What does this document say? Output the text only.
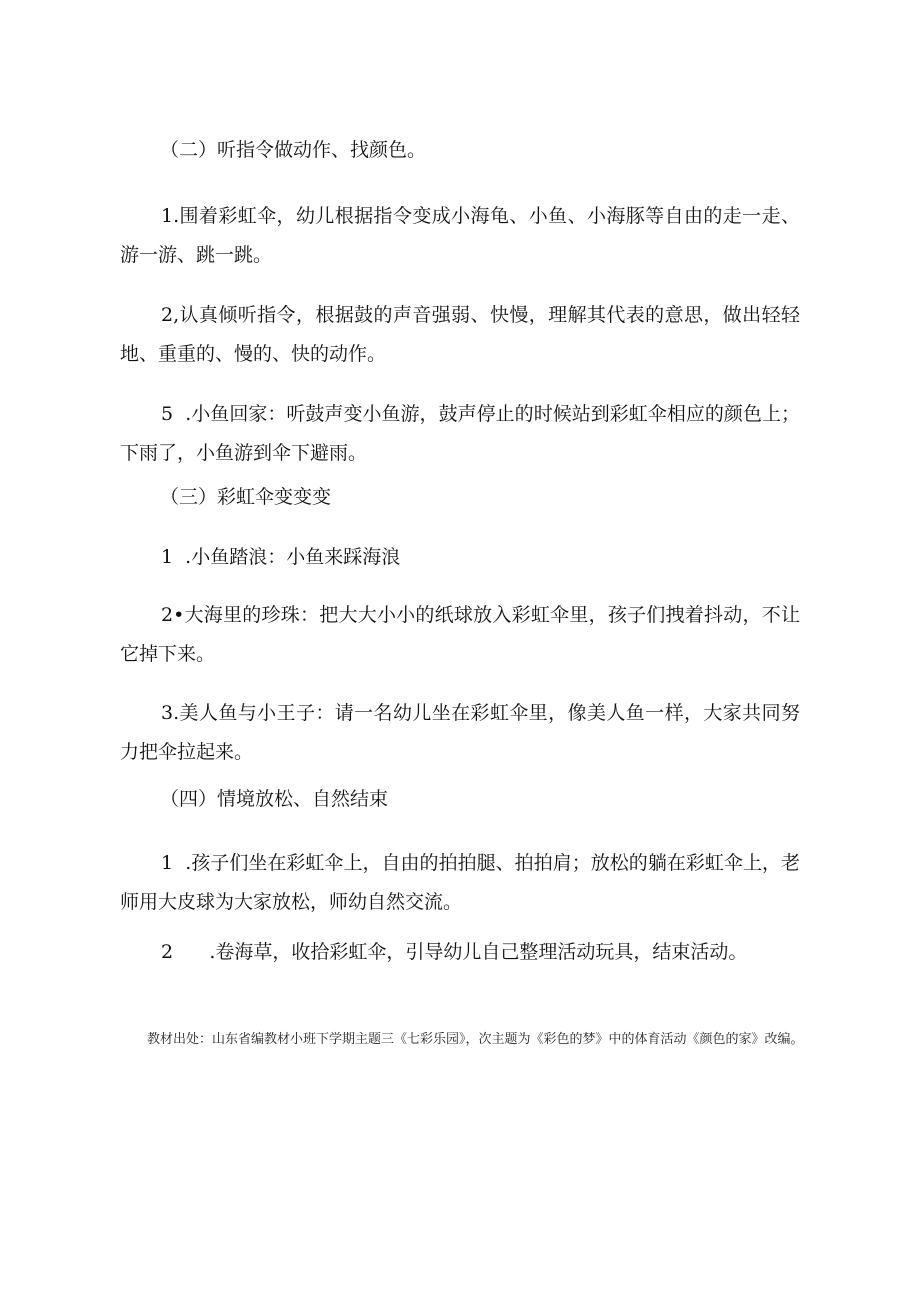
（二）听指令做动作、找颜色。
1.围着彩虹伞，幼儿根据指令变成小海龟、小鱼、小海豚等自由的走一走、游一游、跳一跳。
2,认真倾听指令，根据鼓的声音强弱、快慢，理解其代表的意思，做出轻轻地、重重的、慢的、快的动作。
5  .小鱼回家：听鼓声变小鱼游，鼓声停止的时候站到彩虹伞相应的颜色上；下雨了，小鱼游到伞下避雨。
（三）彩虹伞变变变
1  .小鱼踏浪：小鱼来踩海浪
2•大海里的珍珠：把大大小小的纸球放入彩虹伞里，孩子们拽着抖动，不让它掉下来。
3.美人鱼与小王子：请一名幼儿坐在彩虹伞里，像美人鱼一样，大家共同努力把伞拉起来。
（四）情境放松、自然结束
1  .孩子们坐在彩虹伞上，自由的拍拍腿、拍拍肩；放松的躺在彩虹伞上，老师用大皮球为大家放松，师幼自然交流。
2      .卷海草，收拾彩虹伞，引导幼儿自己整理活动玩具，结束活动。
教材出处：山东省编教材小班下学期主题三《七彩乐园》，次主题为《彩色的梦》中的体育活动《颜色的家》改编。
